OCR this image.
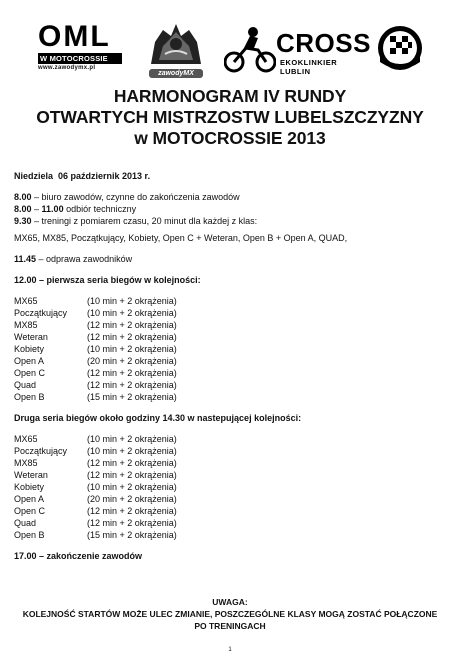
OML
W MOTOCROSSIE
www.zawodymx.pl
zawodyMX
CROSS
EKOKLINKIER LUBLIN
PZM
HARMONOGRAM IV RUNDY
OTWARTYCH MISTRZOSTW LUBELSZCZYZNY
w MOTOCROSSIE 2013
Niedziela  06 październik 2013 r.
8.00 – biuro zawodów, czynne do zakończenia zawodów
8.00 – 11.00 odbiór techniczny
9.30 – treningi z pomiarem czasu, 20 minut dla każdej z klas:
MX65, MX85, Początkujący, Kobiety, Open C + Weteran, Open B + Open A, QUAD,
11.45 – odprawa zawodników
12.00 – pierwsza seria biegów w kolejności:
MX65	(10 min + 2 okrążenia)
Początkujący	(10 min + 2 okrążenia)
MX85	(12 min + 2 okrążenia)
Weteran	(12 min + 2 okrążenia)
Kobiety	(10 min + 2 okrążenia)
Open A	(20 min + 2 okrążenia)
Open C	(12 min + 2 okrążenia)
Quad	(12 min + 2 okrążenia)
Open B	(15 min + 2 okrążenia)
Druga seria biegów około godziny 14.30 w nastepującej kolejności:
MX65	(10 min + 2 okrążenia)
Początkujący	(10 min + 2 okrążenia)
MX85	(12 min + 2 okrążenia)
Weteran	(12 min + 2 okrążenia)
Kobiety	(10 min + 2 okrążenia)
Open A	(20 min + 2 okrążenia)
Open C	(12 min + 2 okrążenia)
Quad	(12 min + 2 okrążenia)
Open B	(15 min + 2 okrążenia)
17.00 – zakończenie zawodów
UWAGA:
KOLEJNOŚĆ STARTÓW MOŻE ULEC ZMIANIE, POSZCZEGÓLNE KLASY MOGĄ ZOSTAĆ POŁĄCZONE
PO TRENINGACH
1
